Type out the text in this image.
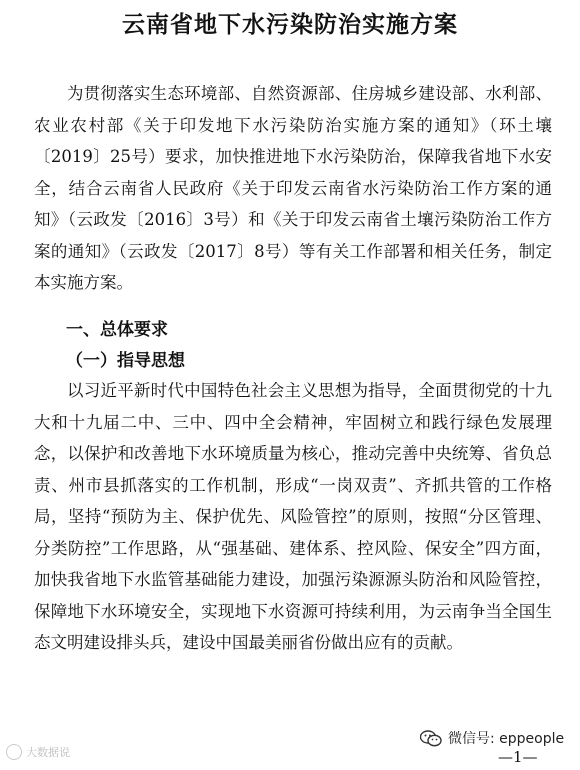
云南省地下水污染防治实施方案
为贯彻落实生态环境部、自然资源部、住房城乡建设部、水利部、农业农村部《关于印发地下水污染防治实施方案的通知》（环土壤〔2019〕25号）要求，加快推进地下水污染防治，保障我省地下水安全，结合云南省人民政府《关于印发云南省水污染防治工作方案的通知》（云政发〔2016〕3号）和《关于印发云南省土壤污染防治工作方案的通知》（云政发〔2017〕8号）等有关工作部署和相关任务，制定本实施方案。
一、总体要求
（一）指导思想
以习近平新时代中国特色社会主义思想为指导，全面贯彻党的十九大和十九届二中、三中、四中全会精神，牢固树立和践行绿色发展理念，以保护和改善地下水环境质量为核心，推动完善中央统筹、省负总责、州市县抓落实的工作机制，形成“一岗双责”、齐抓共管的工作格局，坚持“预防为主、保护优先、风险管控”的原则，按照“分区管理、分类防控”工作思路，从“强基础、建体系、控风险、保安全”四方面，加快我省地下水监管基础能力建设，加强污染源源头防治和风险管控，保障地下水环境安全，实现地下水资源可持续利用，为云南争当全国生态文明建设排头兵，建设中国最美丽省份做出应有的贡献。
大数据说
微信号: eppeople
—1—
